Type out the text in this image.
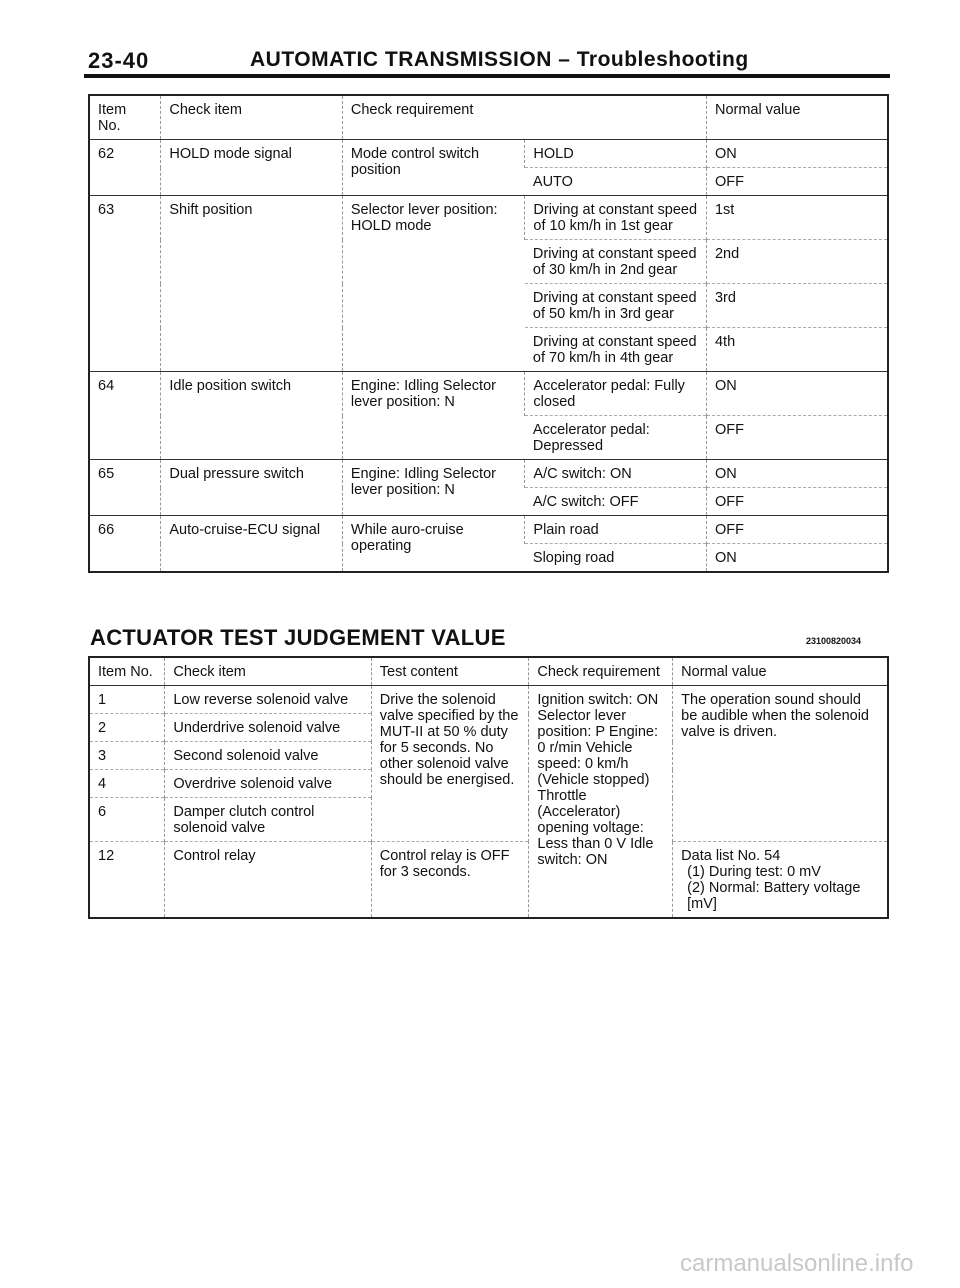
23-40	AUTOMATIC TRANSMISSION – Troubleshooting
Item No.	Check item	Check requirement		Normal value
62	HOLD mode signal	Mode control switch position	HOLD	ON
			AUTO	OFF
63	Shift position	Selector lever position: HOLD mode	Driving at constant speed of 10 km/h in 1st gear	1st
			Driving at constant speed of 30 km/h in 2nd gear	2nd
			Driving at constant speed of 50 km/h in 3rd gear	3rd
			Driving at constant speed of 70 km/h in 4th gear	4th
64	Idle position switch	Engine: Idling Selector lever position: N	Accelerator pedal: Fully closed	ON
			Accelerator pedal: Depressed	OFF
65	Dual pressure switch	Engine: Idling Selector lever position: N	A/C switch: ON	ON
			A/C switch: OFF	OFF
66	Auto-cruise-ECU signal	While auro-cruise operating	Plain road	OFF
			Sloping road	ON
ACTUATOR TEST JUDGEMENT VALUE	23100820034
Item No.	Check item	Test content	Check requirement	Normal value
1	Low reverse solenoid valve	Drive the solenoid valve specified by the MUT-II at 50 % duty for 5 seconds. No other solenoid valve should be energised.	Ignition switch: ON Selector lever position: P Engine: 0 r/min Vehicle speed: 0 km/h (Vehicle stopped) Throttle (Accelerator) opening voltage: Less than 0 V Idle switch: ON	The operation sound should be audible when the solenoid valve is driven.
2	Underdrive solenoid valve			
3	Second solenoid valve			
4	Overdrive solenoid valve			
6	Damper clutch control solenoid valve			
12	Control relay	Control relay is OFF for 3 seconds.		Data list No. 54
(1) During test: 0 mV
(2) Normal: Battery voltage [mV]
carmanualsonline.info
